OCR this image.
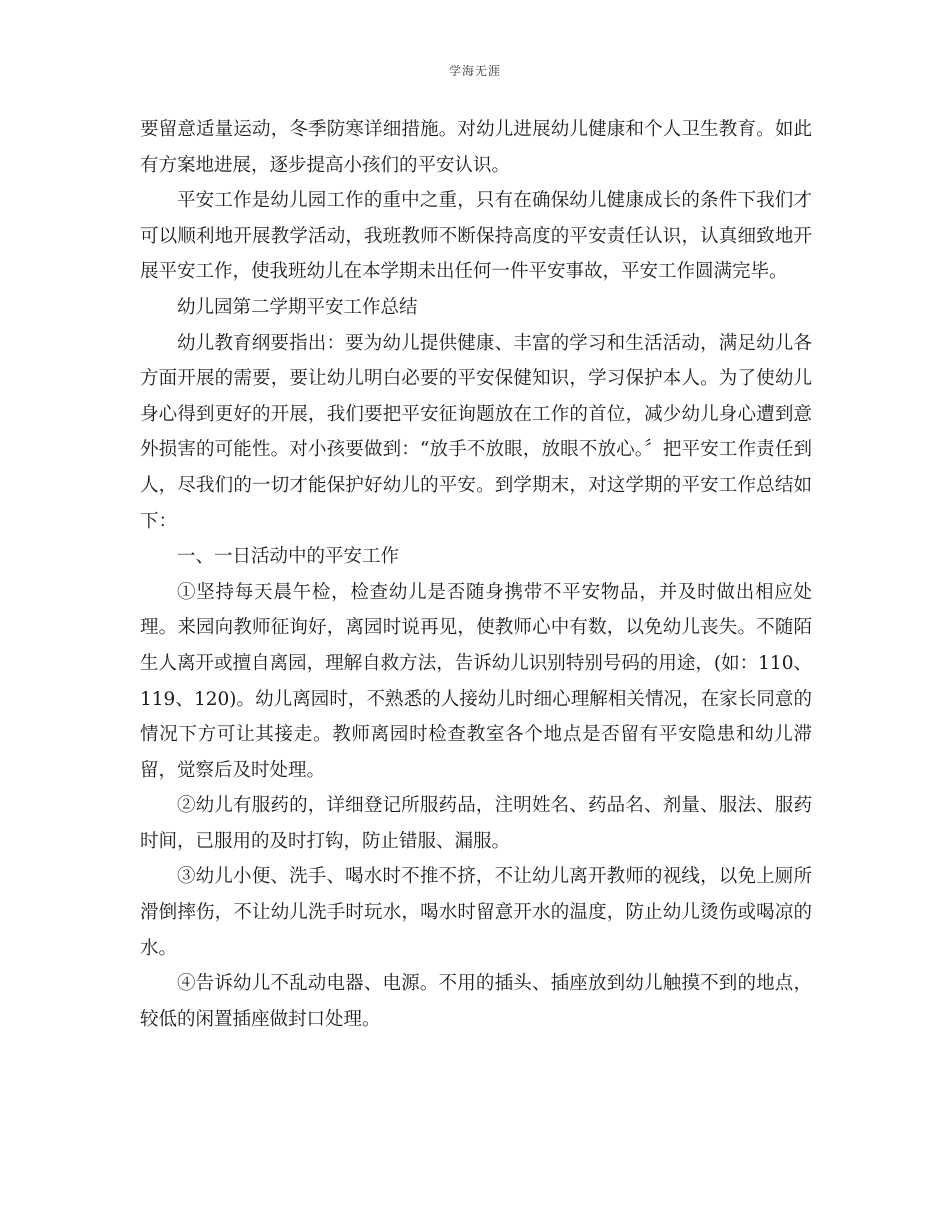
学海无涯

要留意适量运动，冬季防寒详细措施。对幼儿进展幼儿健康和个人卫生教育。如此有方案地进展，逐步提高小孩们的平安认识。

平安工作是幼儿园工作的重中之重，只有在确保幼儿健康成长的条件下我们才可以顺利地开展教学活动，我班教师不断保持高度的平安责任认识，认真细致地开展平安工作，使我班幼儿在本学期未出任何一件平安事故，平安工作圆满完毕。

幼儿园第二学期平安工作总结

幼儿教育纲要指出：要为幼儿提供健康、丰富的学习和生活活动，满足幼儿各方面开展的需要，要让幼儿明白必要的平安保健知识，学习保护本人。为了使幼儿身心得到更好的开展，我们要把平安征询题放在工作的首位，减少幼儿身心遭到意外损害的可能性。对小孩要做到：“放手不放眼，放眼不放心。〞把平安工作责任到人，尽我们的一切才能保护好幼儿的平安。到学期末，对这学期的平安工作总结如下：

一、一日活动中的平安工作

①坚持每天晨午检，检查幼儿是否随身携带不平安物品，并及时做出相应处理。来园向教师征询好，离园时说再见，使教师心中有数，以免幼儿丧失。不随陌生人离开或擅自离园，理解自救方法，告诉幼儿识别特别号码的用途，(如：110、119、120)。幼儿离园时，不熟悉的人接幼儿时细心理解相关情况，在家长同意的情况下方可让其接走。教师离园时检查教室各个地点是否留有平安隐患和幼儿滞留，觉察后及时处理。

②幼儿有服药的，详细登记所服药品，注明姓名、药品名、剂量、服法、服药时间，已服用的及时打钩，防止错服、漏服。

③幼儿小便、洗手、喝水时不推不挤，不让幼儿离开教师的视线，以免上厕所滑倒摔伤，不让幼儿洗手时玩水，喝水时留意开水的温度，防止幼儿烫伤或喝凉的水。

④告诉幼儿不乱动电器、电源。不用的插头、插座放到幼儿触摸不到的地点，较低的闲置插座做封口处理。
